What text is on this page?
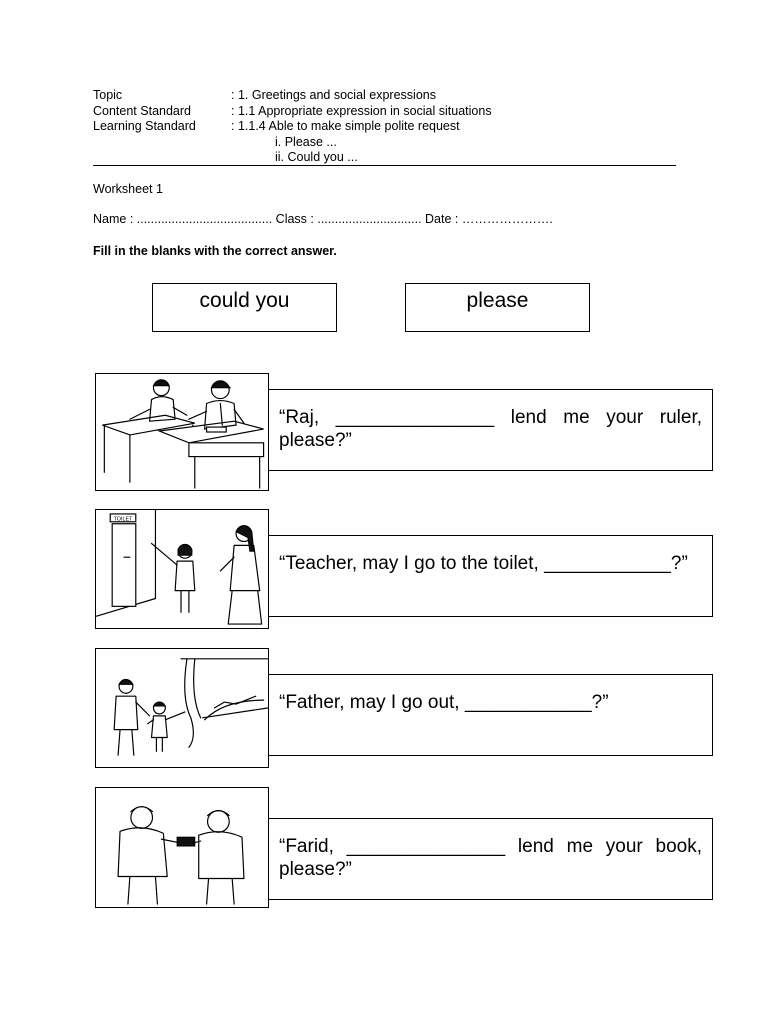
Topic	: 1. Greetings and social expressions
Content Standard	: 1.1 Appropriate expression in social situations
Learning Standard	: 1.1.4 Able to make simple polite request
i. Please ...
ii. Could you ...
Worksheet 1
Name : ....................................... Class : .............................. Date : ………………….
Fill in the blanks with the correct answer.
could you	please
“Raj, _______________ lend me your ruler, please?”
TOILET
“Teacher, may I go to the toilet, ____________?”
“Father, may I go out, ____________?”
“Farid, _______________ lend me your book, please?”
